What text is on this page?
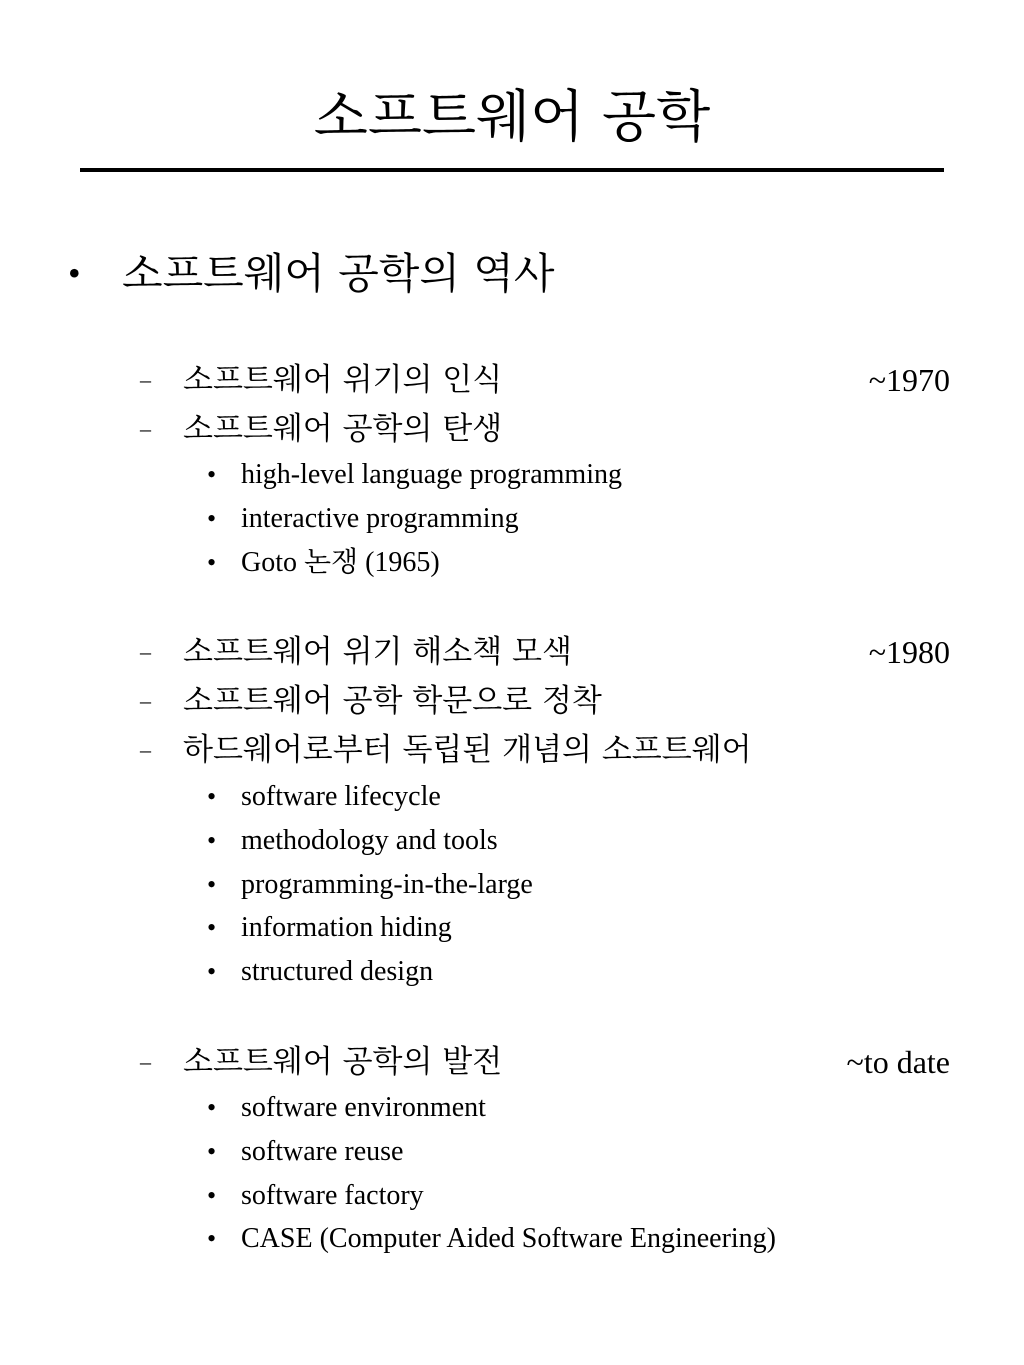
소프트웨어 공학
• 소프트웨어 공학의 역사
– 소프트웨어 위기의 인식	~1970
– 소프트웨어 공학의 탄생
• high-level language programming
• interactive programming
• Goto 논쟁 (1965)
– 소프트웨어 위기 해소책 모색	~1980
– 소프트웨어 공학 학문으로 정착
– 하드웨어로부터 독립된 개념의 소프트웨어
• software lifecycle
• methodology and tools
• programming-in-the-large
• information hiding
• structured design
– 소프트웨어 공학의 발전	~to date
• software environment
• software reuse
• software factory
• CASE (Computer Aided Software Engineering)
